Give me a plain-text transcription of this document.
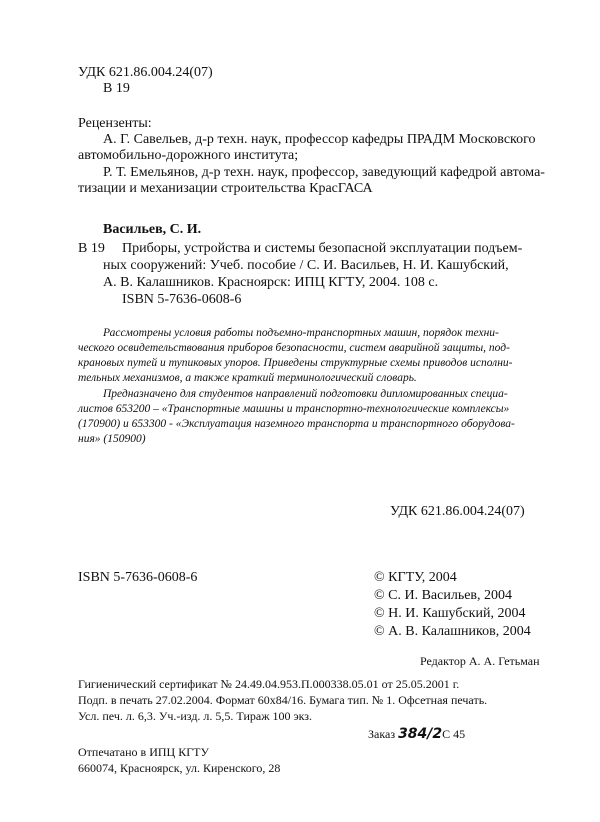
УДК 621.86.004.24(07)
В 19
Рецензенты:
А. Г. Савельев, д-р техн. наук, профессор кафедры ПРАДМ Московского
автомобильно-дорожного института;
Р. Т. Емельянов, д-р техн. наук, профессор, заведующий кафедрой автома-
тизации и механизации строительства КрасГАСА
Васильев, С. И.
В 19 Приборы, устройства и системы безопасной эксплуатации подъем-
ных сооружений: Учеб. пособие / С. И. Васильев, Н. И. Кашубский,
А. В. Калашников. Красноярск: ИПЦ КГТУ, 2004. 108 с.
ISBN 5-7636-0608-6
Рассмотрены условия работы подъемно-транспортных машин, порядок техни-
ческого освидетельствования приборов безопасности, систем аварийной защиты, под-
крановых путей и тупиковых упоров. Приведены структурные схемы приводов исполни-
тельных механизмов, а также краткий терминологический словарь.
Предназначено для студентов направлений подготовки дипломированных специа-
листов 653200 – «Транспортные машины и транспортно-технологические комплексы»
(170900) и 653300 - «Эксплуатация наземного транспорта и транспортного оборудова-
ния» (150900)
УДК 621.86.004.24(07)
ISBN 5-7636-0608-6	© КГТУ, 2004
© С. И. Васильев, 2004
© Н. И. Кашубский, 2004
© А. В. Калашников, 2004
Редактор А. А. Гетьман
Гигиенический сертификат № 24.49.04.953.П.000338.05.01 от 25.05.2001 г.
Подп. в печать 27.02.2004. Формат 60x84/16. Бумага тип. № 1. Офсетная печать.
Усл. печ. л. 6,3. Уч.-изд. л. 5,5. Тираж 100 экз.
Заказ 384/2С 45
Отпечатано в ИПЦ КГТУ
660074, Красноярск, ул. Киренского, 28
